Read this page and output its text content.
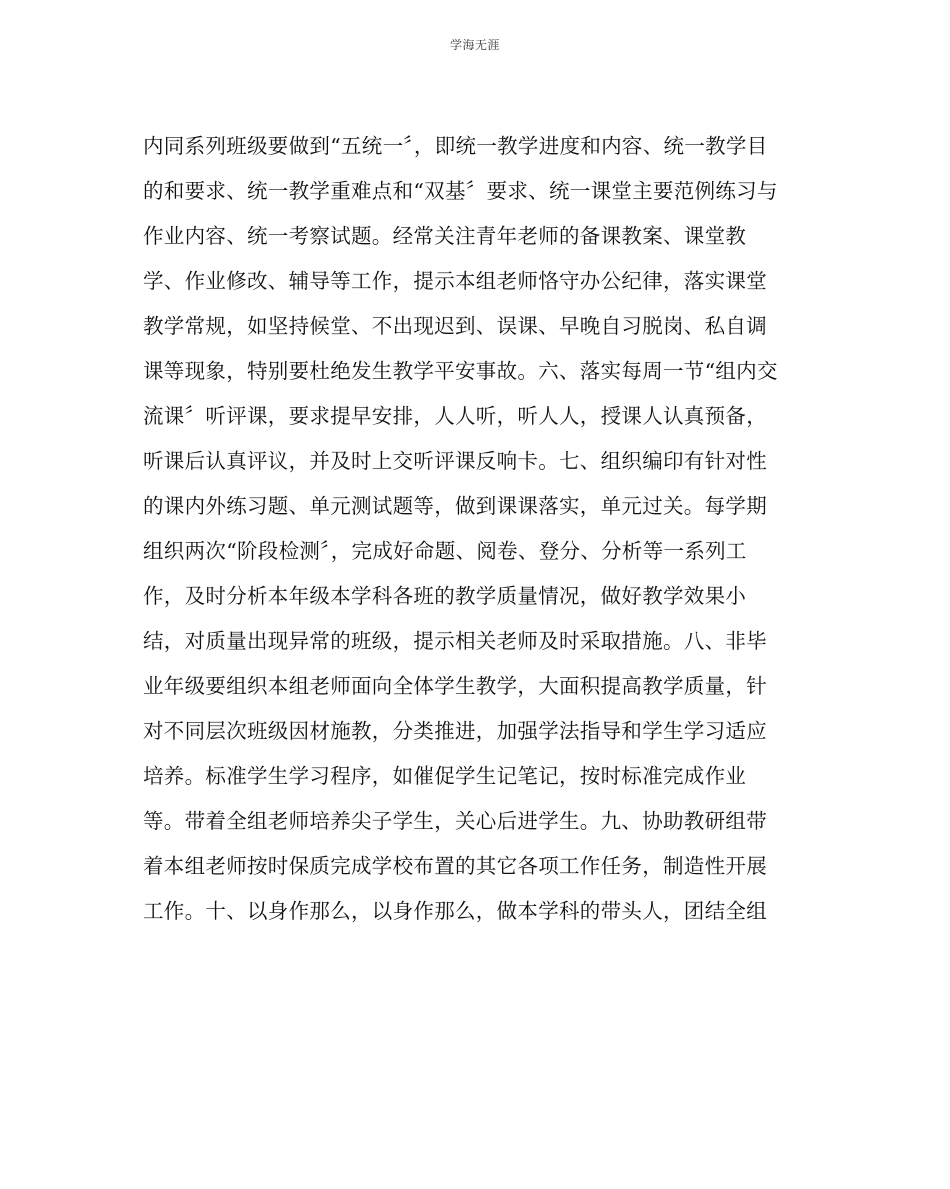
学海无涯
内同系列班级要做到“五统一〞，即统一教学进度和内容、统一教学目
的和要求、统一教学重难点和“双基〞要求、统一课堂主要范例练习与
作业内容、统一考察试题。经常关注青年老师的备课教案、课堂教
学、作业修改、辅导等工作，提示本组老师恪守办公纪律，落实课堂
教学常规，如坚持候堂、不出现迟到、误课、早晚自习脱岗、私自调
课等现象，特别要杜绝发生教学平安事故。六、落实每周一节“组内交
流课〞听评课，要求提早安排，人人听，听人人，授课人认真预备，
听课后认真评议，并及时上交听评课反响卡。七、组织编印有针对性
的课内外练习题、单元测试题等，做到课课落实，单元过关。每学期
组织两次“阶段检测〞，完成好命题、阅卷、登分、分析等一系列工
作，及时分析本年级本学科各班的教学质量情况，做好教学效果小
结，对质量出现异常的班级，提示相关老师及时采取措施。八、非毕
业年级要组织本组老师面向全体学生教学，大面积提高教学质量，针
对不同层次班级因材施教，分类推进，加强学法指导和学生学习适应
培养。标准学生学习程序，如催促学生记笔记，按时标准完成作业
等。带着全组老师培养尖子学生，关心后进学生。九、协助教研组带
着本组老师按时保质完成学校布置的其它各项工作任务，制造性开展
工作。十、以身作那么，以身作那么，做本学科的带头人，团结全组
